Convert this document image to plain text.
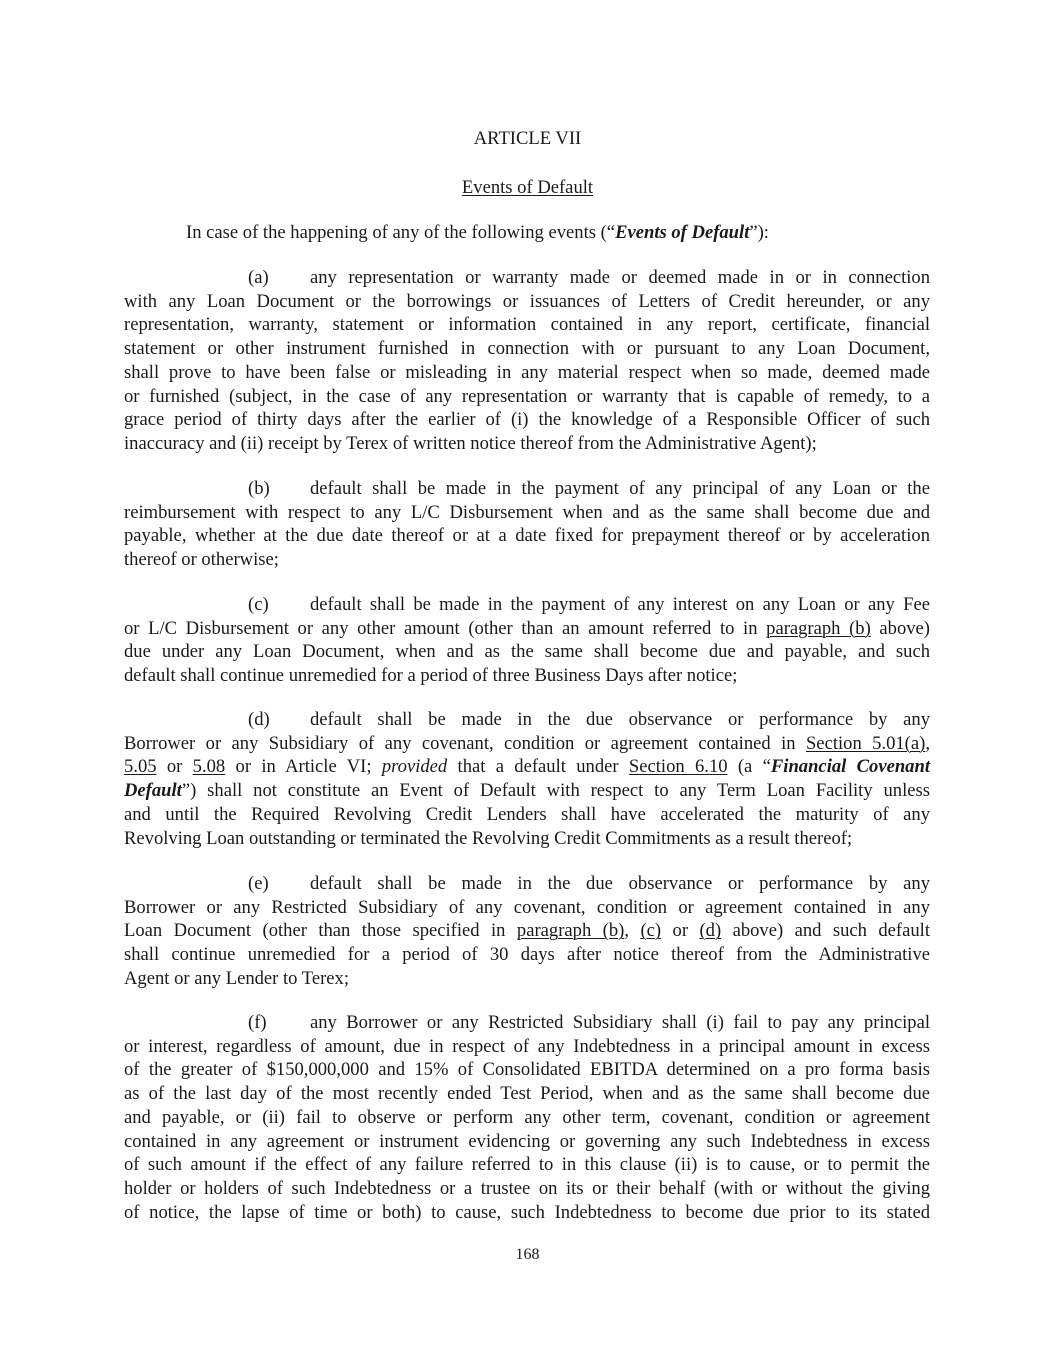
ARTICLE VII
Events of Default
In case of the happening of any of the following events (“Events of Default”):
(a) any representation or warranty made or deemed made in or in connection
with any Loan Document or the borrowings or issuances of Letters of Credit hereunder, or any
representation, warranty, statement or information contained in any report, certificate, financial
statement or other instrument furnished in connection with or pursuant to any Loan Document,
shall prove to have been false or misleading in any material respect when so made, deemed made
or furnished (subject, in the case of any representation or warranty that is capable of remedy, to a
grace period of thirty days after the earlier of (i) the knowledge of a Responsible Officer of such
inaccuracy and (ii) receipt by Terex of written notice thereof from the Administrative Agent);
(b) default shall be made in the payment of any principal of any Loan or the
reimbursement with respect to any L/C Disbursement when and as the same shall become due and
payable, whether at the due date thereof or at a date fixed for prepayment thereof or by acceleration
thereof or otherwise;
(c) default shall be made in the payment of any interest on any Loan or any Fee
or L/C Disbursement or any other amount (other than an amount referred to in paragraph (b) above)
due under any Loan Document, when and as the same shall become due and payable, and such
default shall continue unremedied for a period of three Business Days after notice;
(d) default shall be made in the due observance or performance by any
Borrower or any Subsidiary of any covenant, condition or agreement contained in Section 5.01(a),
5.05 or 5.08 or in Article VI; provided that a default under Section 6.10 (a “Financial Covenant
Default”) shall not constitute an Event of Default with respect to any Term Loan Facility unless
and until the Required Revolving Credit Lenders shall have accelerated the maturity of any
Revolving Loan outstanding or terminated the Revolving Credit Commitments as a result thereof;
(e) default shall be made in the due observance or performance by any
Borrower or any Restricted Subsidiary of any covenant, condition or agreement contained in any
Loan Document (other than those specified in paragraph (b), (c) or (d) above) and such default
shall continue unremedied for a period of 30 days after notice thereof from the Administrative
Agent or any Lender to Terex;
(f) any Borrower or any Restricted Subsidiary shall (i) fail to pay any principal
or interest, regardless of amount, due in respect of any Indebtedness in a principal amount in excess
of the greater of $150,000,000 and 15% of Consolidated EBITDA determined on a pro forma basis
as of the last day of the most recently ended Test Period, when and as the same shall become due
and payable, or (ii) fail to observe or perform any other term, covenant, condition or agreement
contained in any agreement or instrument evidencing or governing any such Indebtedness in excess
of such amount if the effect of any failure referred to in this clause (ii) is to cause, or to permit the
holder or holders of such Indebtedness or a trustee on its or their behalf (with or without the giving
of notice, the lapse of time or both) to cause, such Indebtedness to become due prior to its stated
168
